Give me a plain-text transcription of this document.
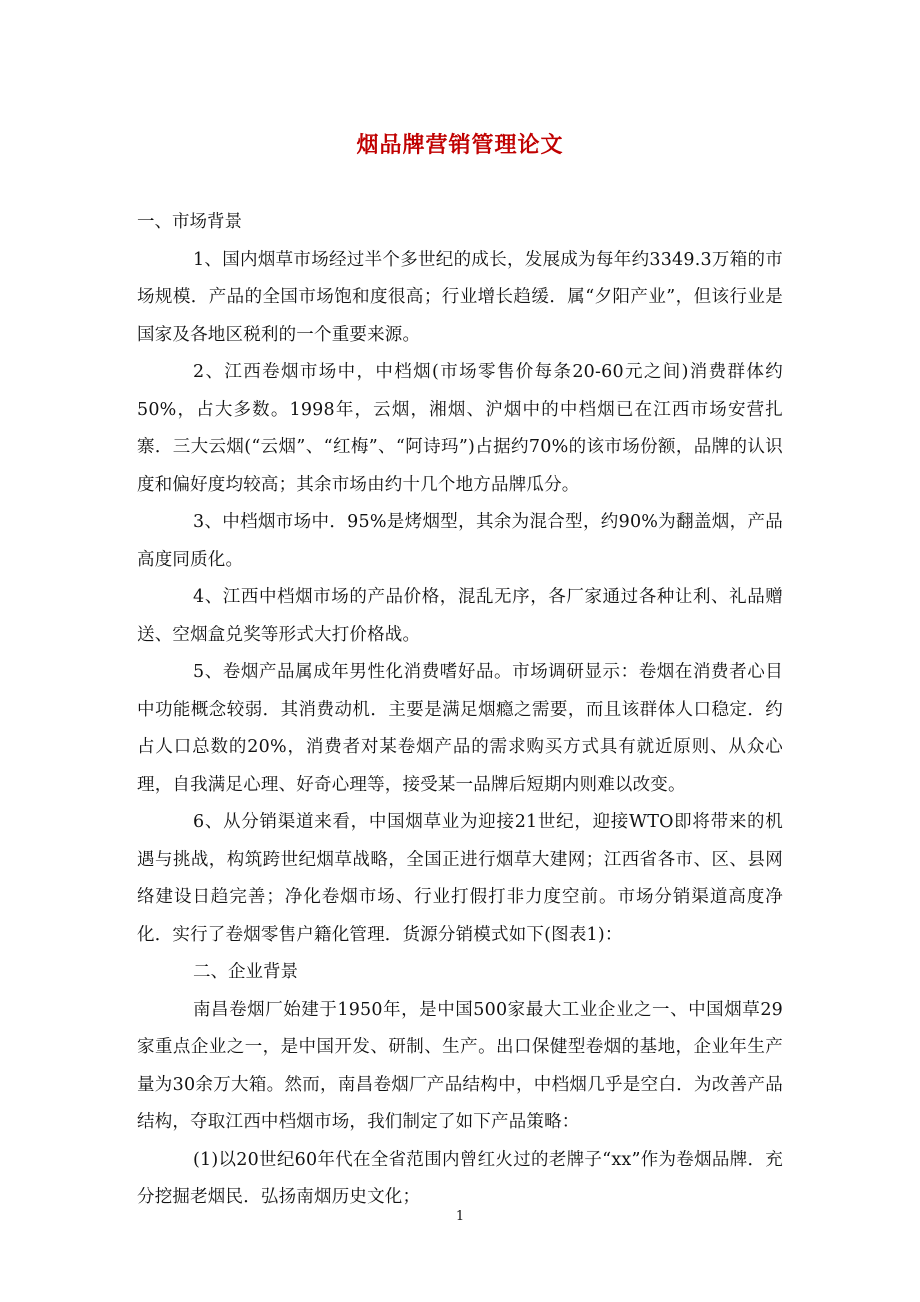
烟品牌营销管理论文

一、市场背景

1、国内烟草市场经过半个多世纪的成长，发展成为每年约3349.3万箱的市场规模．产品的全国市场饱和度很高；行业增长趋缓．属“夕阳产业”，但该行业是国家及各地区税利的一个重要来源。

2、江西卷烟市场中，中档烟(市场零售价每条20-60元之间)消费群体约50%，占大多数。1998年，云烟，湘烟、沪烟中的中档烟已在江西市场安营扎寨．三大云烟(“云烟”、“红梅”、“阿诗玛”)占据约70%的该市场份额，品牌的认识度和偏好度均较高；其余市场由约十几个地方品牌瓜分。

3、中档烟市场中．95%是烤烟型，其余为混合型，约90%为翻盖烟，产品高度同质化。

4、江西中档烟市场的产品价格，混乱无序，各厂家通过各种让利、礼品赠送、空烟盒兑奖等形式大打价格战。

5、卷烟产品属成年男性化消费嗜好品。市场调研显示：卷烟在消费者心目中功能概念较弱．其消费动机．主要是满足烟瘾之需要，而且该群体人口稳定．约占人口总数的20%，消费者对某卷烟产品的需求购买方式具有就近原则、从众心理，自我满足心理、好奇心理等，接受某一品牌后短期内则难以改变。

6、从分销渠道来看，中国烟草业为迎接21世纪，迎接WTO即将带来的机遇与挑战，构筑跨世纪烟草战略，全国正进行烟草大建网；江西省各市、区、县网络建设日趋完善；净化卷烟市场、行业打假打非力度空前。市场分销渠道高度净化．实行了卷烟零售户籍化管理．货源分销模式如下(图表1)：

二、企业背景

南昌卷烟厂始建于1950年，是中国500家最大工业企业之一、中国烟草29家重点企业之一，是中国开发、研制、生产。出口保健型卷烟的基地，企业年生产量为30余万大箱。然而，南昌卷烟厂产品结构中，中档烟几乎是空白．为改善产品结构，夺取江西中档烟市场，我们制定了如下产品策略：

(1)以20世纪60年代在全省范围内曾红火过的老牌子“xx”作为卷烟品牌．充分挖掘老烟民．弘扬南烟历史文化；

1
